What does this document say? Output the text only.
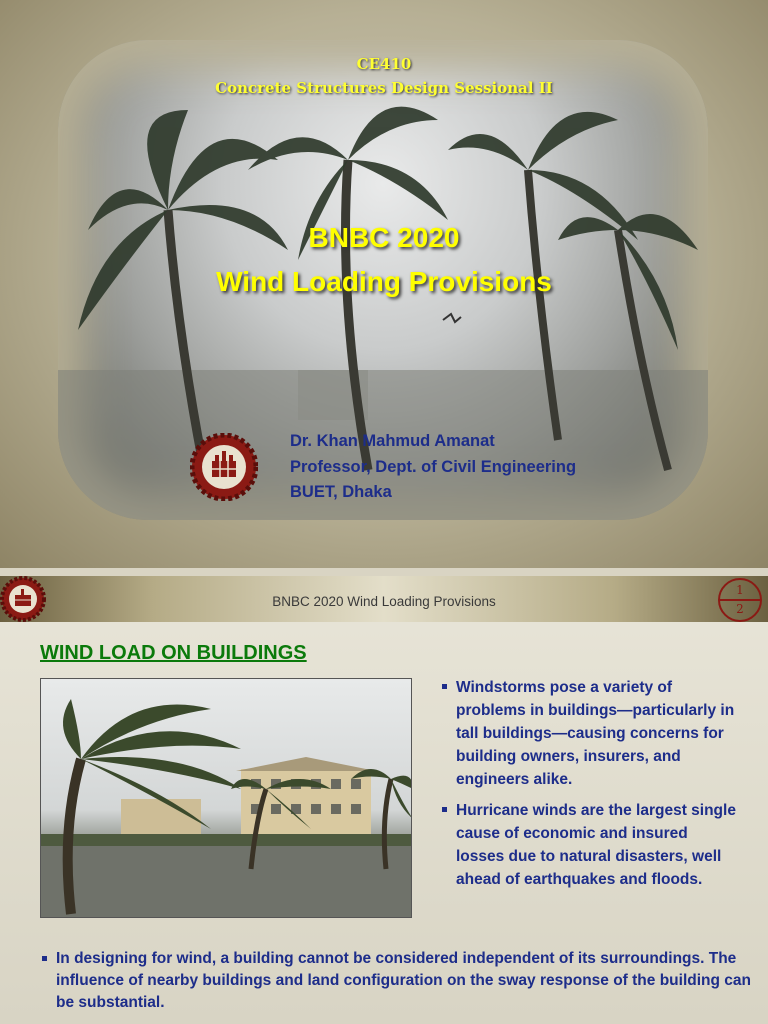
CE410
Concrete Structures Design Sessional II
BNBC 2020
Wind Loading Provisions
Dr. Khan Mahmud Amanat
Professor, Dept. of Civil Engineering
BUET, Dhaka
BNBC 2020 Wind Loading Provisions
1
2
WIND LOAD ON BUILDINGS
Windstorms pose a variety of problems in buildings—particularly in tall buildings—causing concerns for building owners, insurers, and engineers alike.
Hurricane winds are the largest single cause of economic and insured losses due to natural disasters, well ahead of earthquakes and floods.
In designing for wind, a building cannot be considered independent of its surroundings. The influence of nearby buildings and land configuration on the sway response of the building can be substantial.
